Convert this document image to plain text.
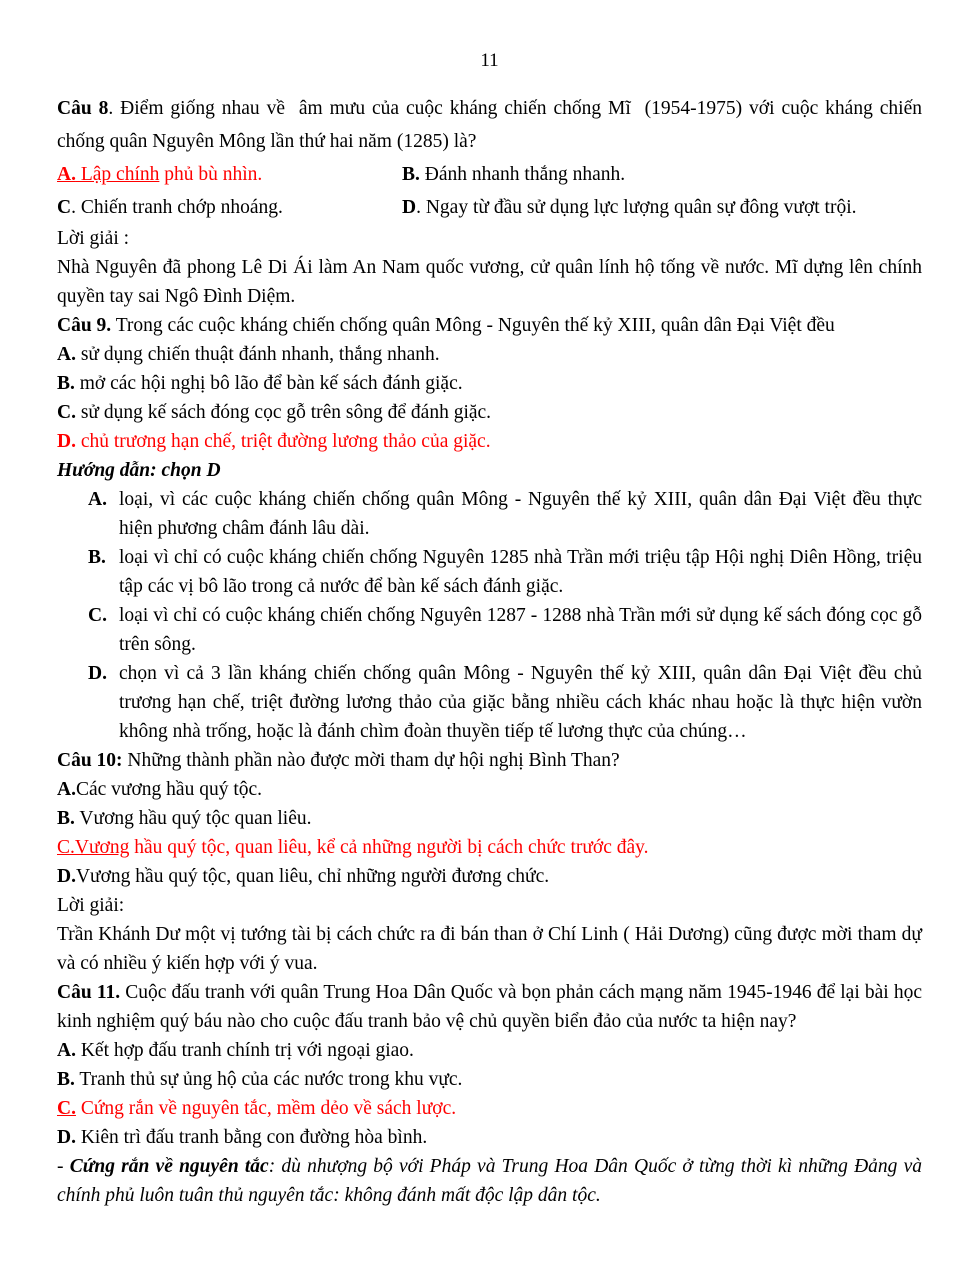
11
Câu 8. Điểm giống nhau về  âm mưu của cuộc kháng chiến chống Mĩ  (1954-1975) với cuộc kháng chiến chống quân Nguyên Mông lần thứ hai năm (1285) là?
A. Lập chính phủ bù nhìn.	B. Đánh nhanh thắng nhanh.
C. Chiến tranh chớp nhoáng.	D. Ngay từ đầu sử dụng lực lượng quân sự đông vượt trội.
Lời giải :
Nhà Nguyên đã phong Lê Di Ái làm An Nam quốc vương, cử quân lính hộ tống về nước. Mĩ dựng lên chính quyền tay sai Ngô Đình Diệm.
Câu 9. Trong các cuộc kháng chiến chống quân Mông - Nguyên thế kỷ XIII, quân dân Đại Việt đều
A. sử dụng chiến thuật đánh nhanh, thắng nhanh.
B. mở các hội nghị bô lão để bàn kế sách đánh giặc.
C. sử dụng kế sách đóng cọc gỗ trên sông để đánh giặc.
D. chủ trương hạn chế, triệt đường lương thảo của giặc.
Hướng dẫn: chọn D
A. loại, vì các cuộc kháng chiến chống quân Mông - Nguyên thế kỷ XIII, quân dân Đại Việt đều thực hiện phương châm đánh lâu dài.
B. loại vì chỉ có cuộc kháng chiến chống Nguyên 1285 nhà Trần mới triệu tập Hội nghị Diên Hồng, triệu tập các vị bô lão trong cả nước để bàn kế sách đánh giặc.
C. loại vì chỉ có cuộc kháng chiến chống Nguyên 1287 - 1288 nhà Trần mới sử dụng kế sách đóng cọc gỗ trên sông.
D. chọn vì cả 3 lần kháng chiến chống quân Mông - Nguyên thế kỷ XIII, quân dân Đại Việt đều chủ trương hạn chế, triệt đường lương thảo của giặc bằng nhiều cách khác nhau hoặc là thực hiện vườn không nhà trống, hoặc là đánh chìm đoàn thuyền tiếp tế lương thực của chúng…
Câu 10: Những thành phần nào được mời tham dự hội nghị Bình Than?
A.Các vương hầu quý tộc.
B. Vương hầu quý tộc quan liêu.
C.Vương hầu quý tộc, quan liêu, kể cả những người bị cách chức trước đây.
D.Vương hầu quý tộc, quan liêu, chỉ những người đương chức.
Lời giải:
Trần Khánh Dư một vị tướng tài bị cách chức ra đi bán than ở Chí Linh ( Hải Dương) cũng được mời tham dự và có nhiều ý kiến hợp với ý vua.
Câu 11. Cuộc đấu tranh với quân Trung Hoa Dân Quốc và bọn phản cách mạng năm 1945-1946 để lại bài học kinh nghiệm quý báu nào cho cuộc đấu tranh bảo vệ chủ quyền biển đảo của nước ta hiện nay?
A. Kết hợp đấu tranh chính trị với ngoại giao.
B. Tranh thủ sự ủng hộ của các nước trong khu vực.
C. Cứng rắn về nguyên tắc, mềm dẻo về sách lược.
D. Kiên trì đấu tranh bằng con đường hòa bình.
- Cứng rắn về nguyên tắc: dù nhượng bộ với Pháp và Trung Hoa Dân Quốc ở từng thời kì những Đảng và chính phủ luôn tuân thủ nguyên tắc: không đánh mất độc lập dân tộc.
